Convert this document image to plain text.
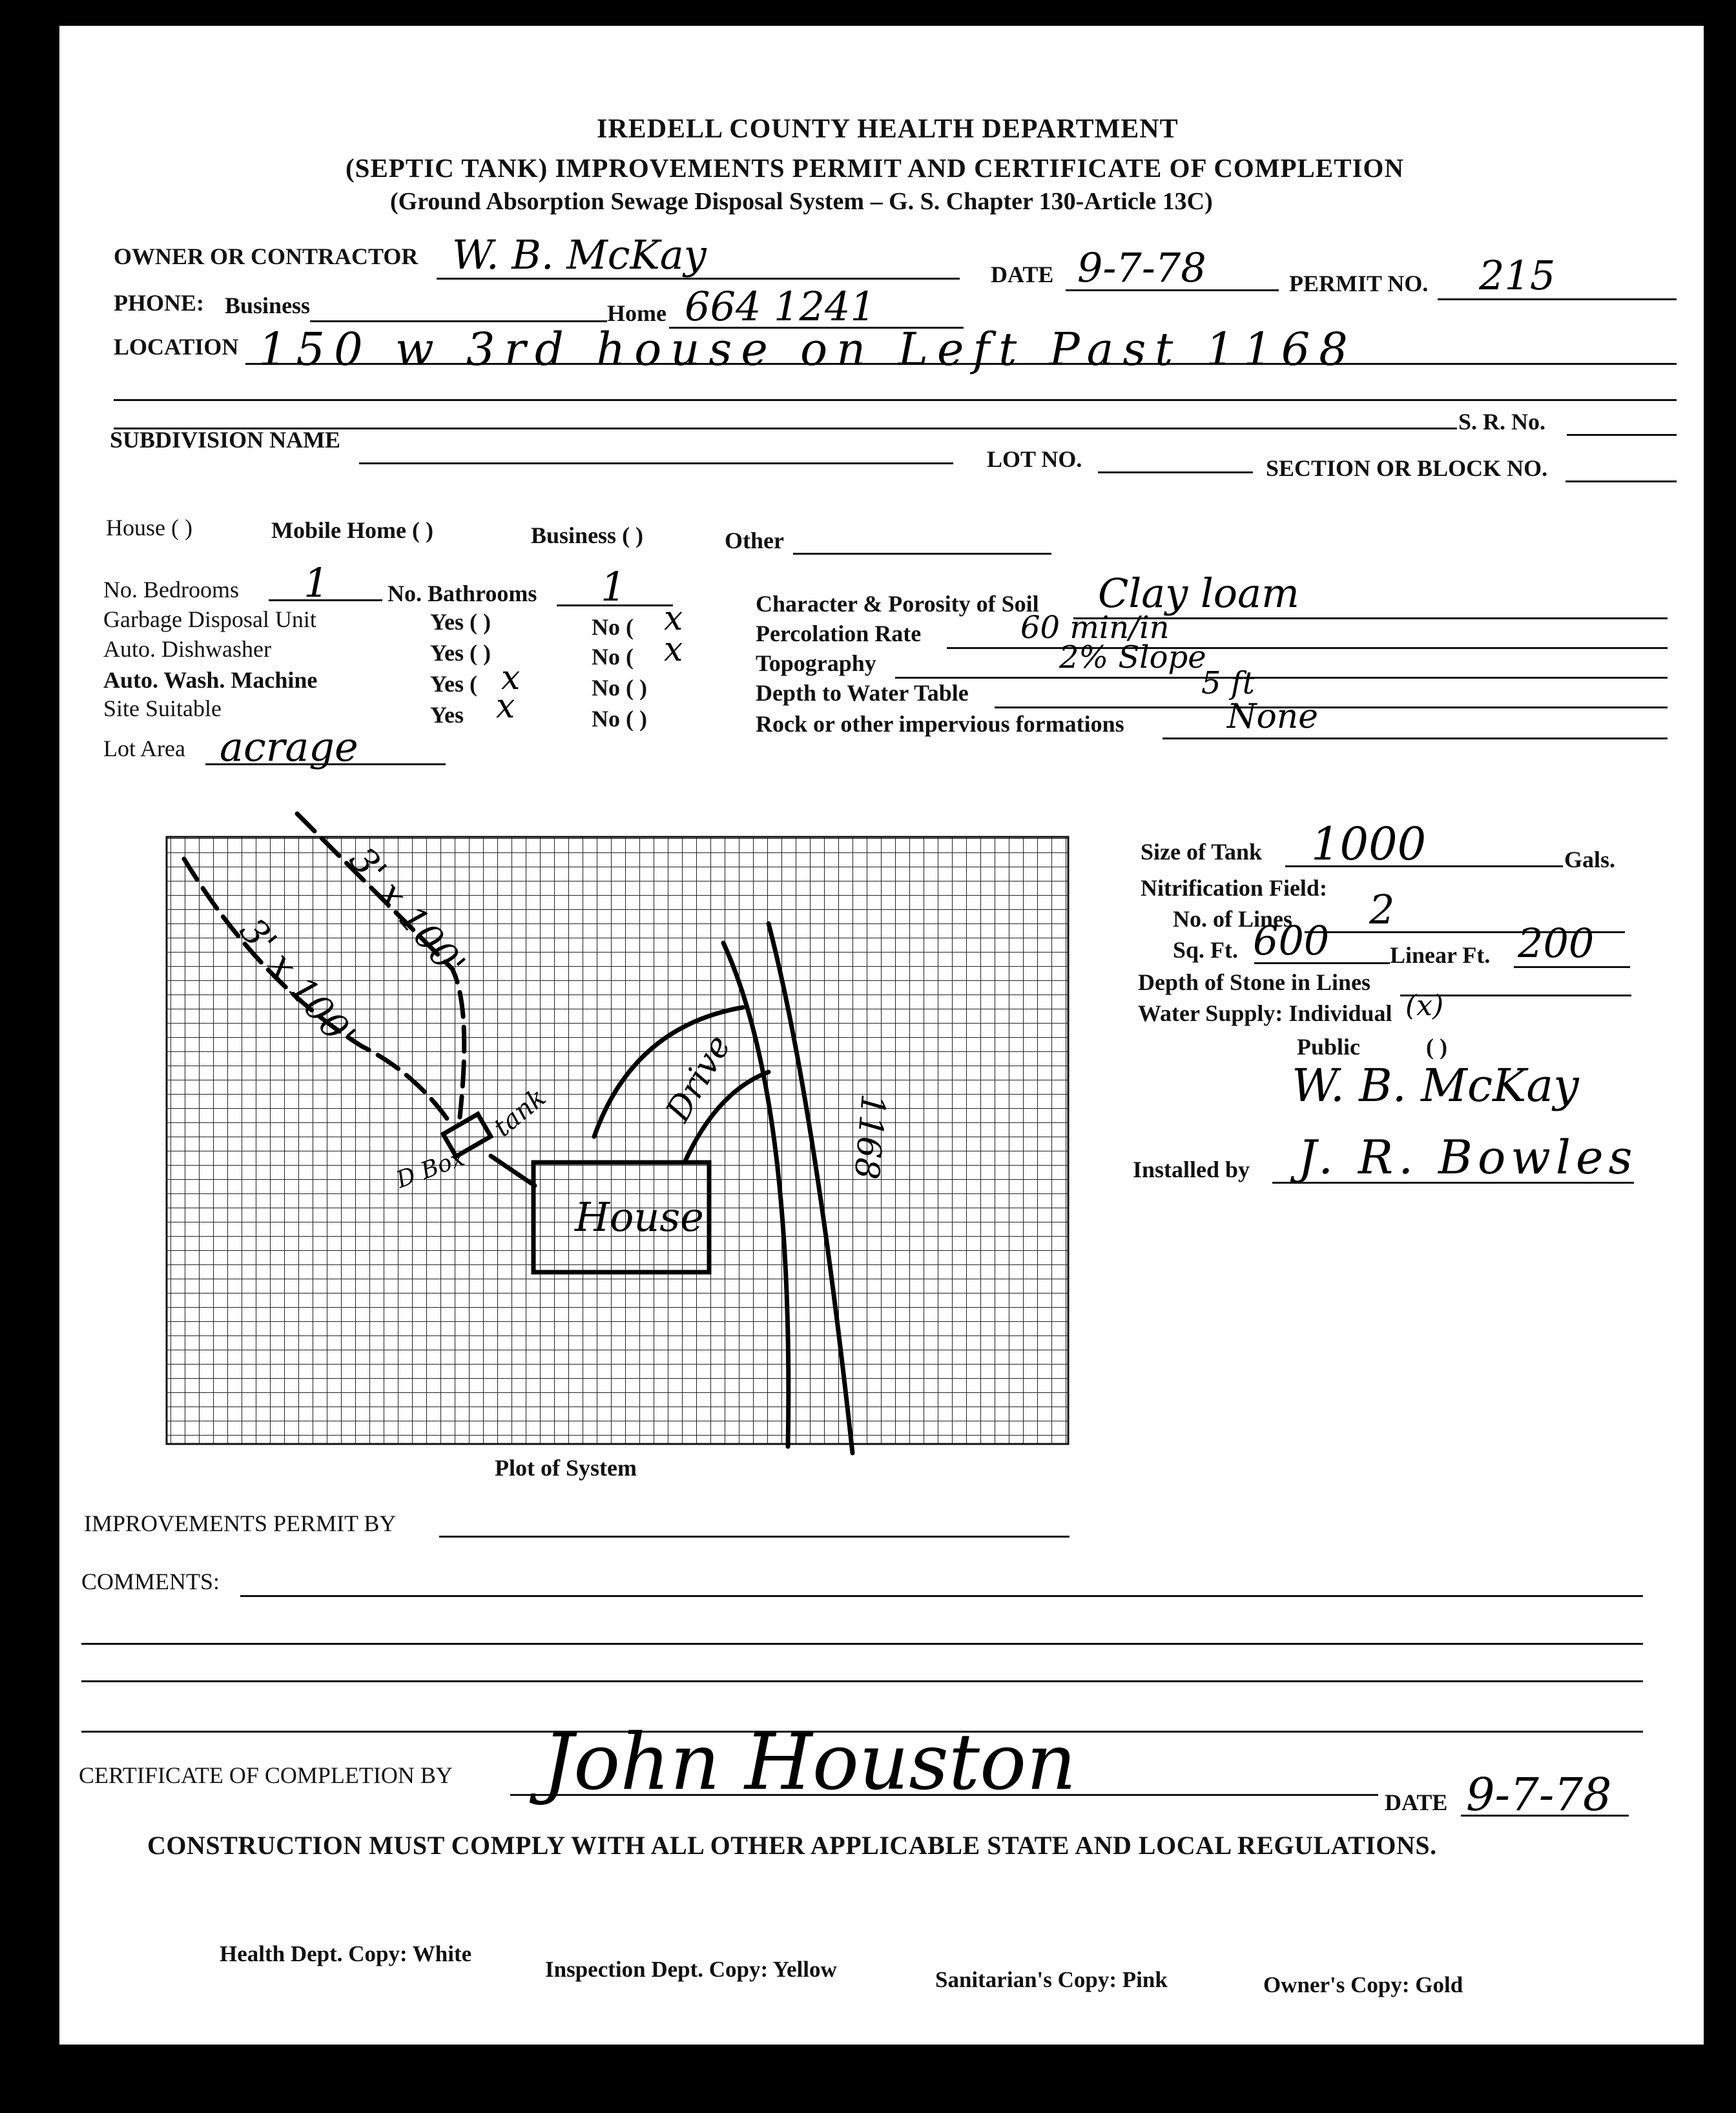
IREDELL COUNTY HEALTH DEPARTMENT
(SEPTIC TANK) IMPROVEMENTS PERMIT AND CERTIFICATE OF COMPLETION
(Ground Absorption Sewage Disposal System – G. S. Chapter 130-Article 13C)
OWNER OR CONTRACTOR W. B. McKay	DATE 9-7-78	PERMIT NO. 215
PHONE: Business	Home 664 1241
LOCATION 150 w 3rd house on Left Past 1168
S. R. No.
SUBDIVISION NAME
LOT NO.	SECTION OR BLOCK NO.
House ( )	Mobile Home ( )	Business ( )	Other
No. Bedrooms 1	No. Bathrooms 1
Garbage Disposal Unit	Yes ( )	No ( x
Auto. Dishwasher	Yes ( )	No ( x
Auto. Wash. Machine	Yes ( x	No ( )
Site Suitable	Yes x	No ( )
Lot Area acrage
Character & Porosity of Soil Clay loam
Percolation Rate	60 min/in
Topography	2% Slope
Depth to Water Table	5 ft
Rock or other impervious formations	None
3' x 100'
3' x 100'
tank
D Box
House
Drive
1168
Plot of System
Size of Tank 1000	Gals.
Nitrification Field:
No. of Lines 2
Sq. Ft. 600	Linear Ft. 200
Depth of Stone in Lines
Water Supply: Individual (x)
Public	( )
W. B. McKay
Installed by J. R. Bowles
IMPROVEMENTS PERMIT BY
COMMENTS:
CERTIFICATE OF COMPLETION BY John Houston	DATE 9-7-78
CONSTRUCTION MUST COMPLY WITH ALL OTHER APPLICABLE STATE AND LOCAL REGULATIONS.
Health Dept. Copy: White
Inspection Dept. Copy: Yellow	Sanitarian's Copy: Pink	Owner's Copy: Gold
